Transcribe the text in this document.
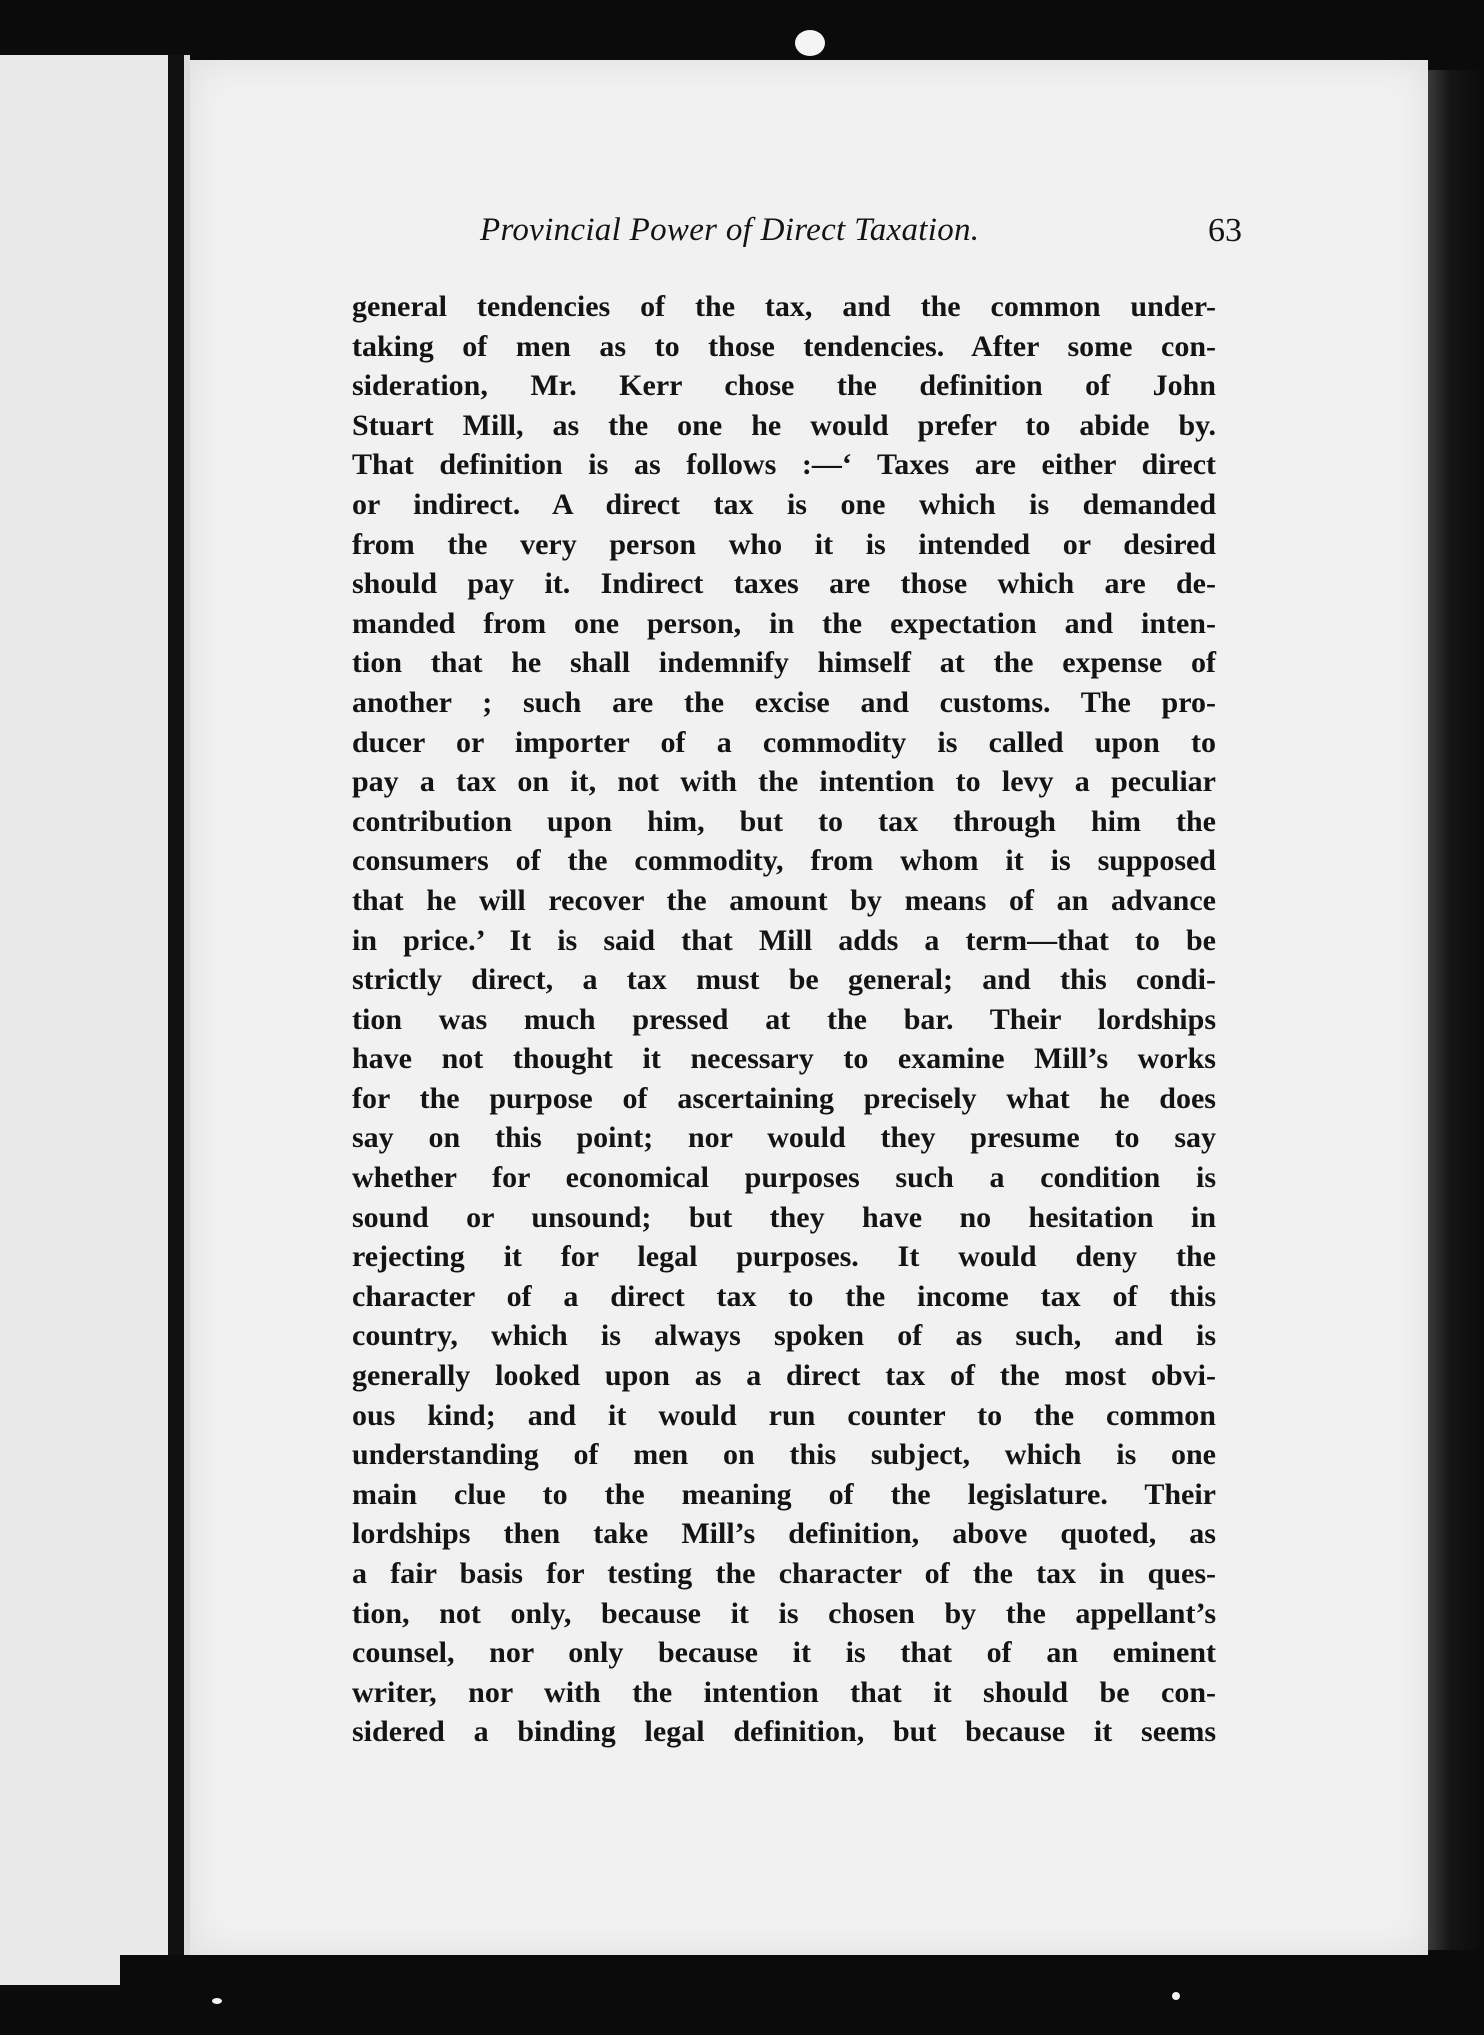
Provincial Power of Direct Taxation.	63
general tendencies of the tax, and the common under-
taking of men as to those tendencies. After some con-
sideration, Mr. Kerr chose the definition of John
Stuart Mill, as the one he would prefer to abide by.
That definition is as follows :—‘ Taxes are either direct
or indirect. A direct tax is one which is demanded
from the very person who it is intended or desired
should pay it. Indirect taxes are those which are de-
manded from one person, in the expectation and inten-
tion that he shall indemnify himself at the expense of
another ; such are the excise and customs. The pro-
ducer or importer of a commodity is called upon to
pay a tax on it, not with the intention to levy a peculiar
contribution upon him, but to tax through him the
consumers of the commodity, from whom it is supposed
that he will recover the amount by means of an advance
in price.’ It is said that Mill adds a term—that to be
strictly direct, a tax must be general; and this condi-
tion was much pressed at the bar. Their lordships
have not thought it necessary to examine Mill’s works
for the purpose of ascertaining precisely what he does
say on this point; nor would they presume to say
whether for economical purposes such a condition is
sound or unsound; but they have no hesitation in
rejecting it for legal purposes. It would deny the
character of a direct tax to the income tax of this
country, which is always spoken of as such, and is
generally looked upon as a direct tax of the most obvi-
ous kind; and it would run counter to the common
understanding of men on this subject, which is one
main clue to the meaning of the legislature. Their
lordships then take Mill’s definition, above quoted, as
a fair basis for testing the character of the tax in ques-
tion, not only, because it is chosen by the appellant’s
counsel, nor only because it is that of an eminent
writer, nor with the intention that it should be con-
sidered a binding legal definition, but because it seems
